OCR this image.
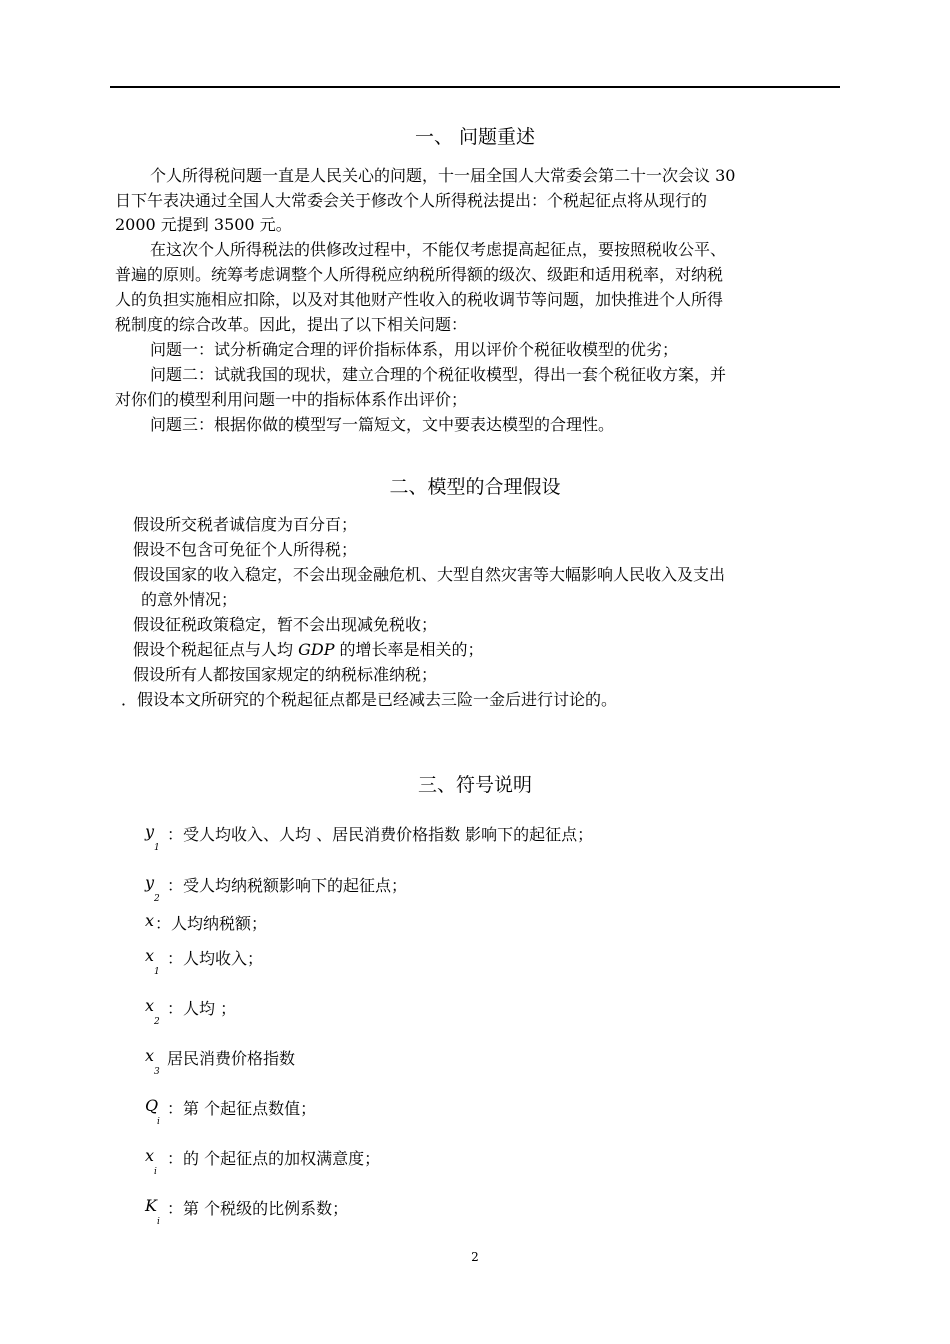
一、 问题重述
个人所得税问题一直是人民关心的问题，十一届全国人大常委会第二十一次会议 30
日下午表决通过全国人大常委会关于修改个人所得税法提出：个税起征点将从现行的
2000 元提到 3500 元。
在这次个人所得税法的供修改过程中，不能仅考虑提高起征点，要按照税收公平、
普遍的原则。统筹考虑调整个人所得税应纳税所得额的级次、级距和适用税率，对纳税
人的负担实施相应扣除，以及对其他财产性收入的税收调节等问题，加快推进个人所得
税制度的综合改革。因此，提出了以下相关问题：
问题一：试分析确定合理的评价指标体系，用以评价个税征收模型的优劣；
问题二：试就我国的现状，建立合理的个税征收模型，得出一套个税征收方案，并
对你们的模型利用问题一中的指标体系作出评价；
问题三：根据你做的模型写一篇短文，文中要表达模型的合理性。
二、模型的合理假设
假设所交税者诚信度为百分百；
假设不包含可免征个人所得税；
假设国家的收入稳定，不会出现金融危机、大型自然灾害等大幅影响人民收入及支出
的意外情况；
假设征税政策稳定，暂不会出现减免税收；
假设个税起征点与人均 GDP 的增长率是相关的；
假设所有人都按国家规定的纳税标准纳税；
．假设本文所研究的个税起征点都是已经减去三险一金后进行讨论的。
三、符号说明
y
1
：受人均收入、人均 、居民消费价格指数 影响下的起征点；
y
2
：受人均纳税额影响下的起征点；
x ：人均纳税额；
x
1
：人均收入；
x
2
：人均 ；
x
3
居民消费价格指数
Q
i
：第 个起征点数值；
x
i
：的 个起征点的加权满意度；
K
i
：第 个税级的比例系数；
2
